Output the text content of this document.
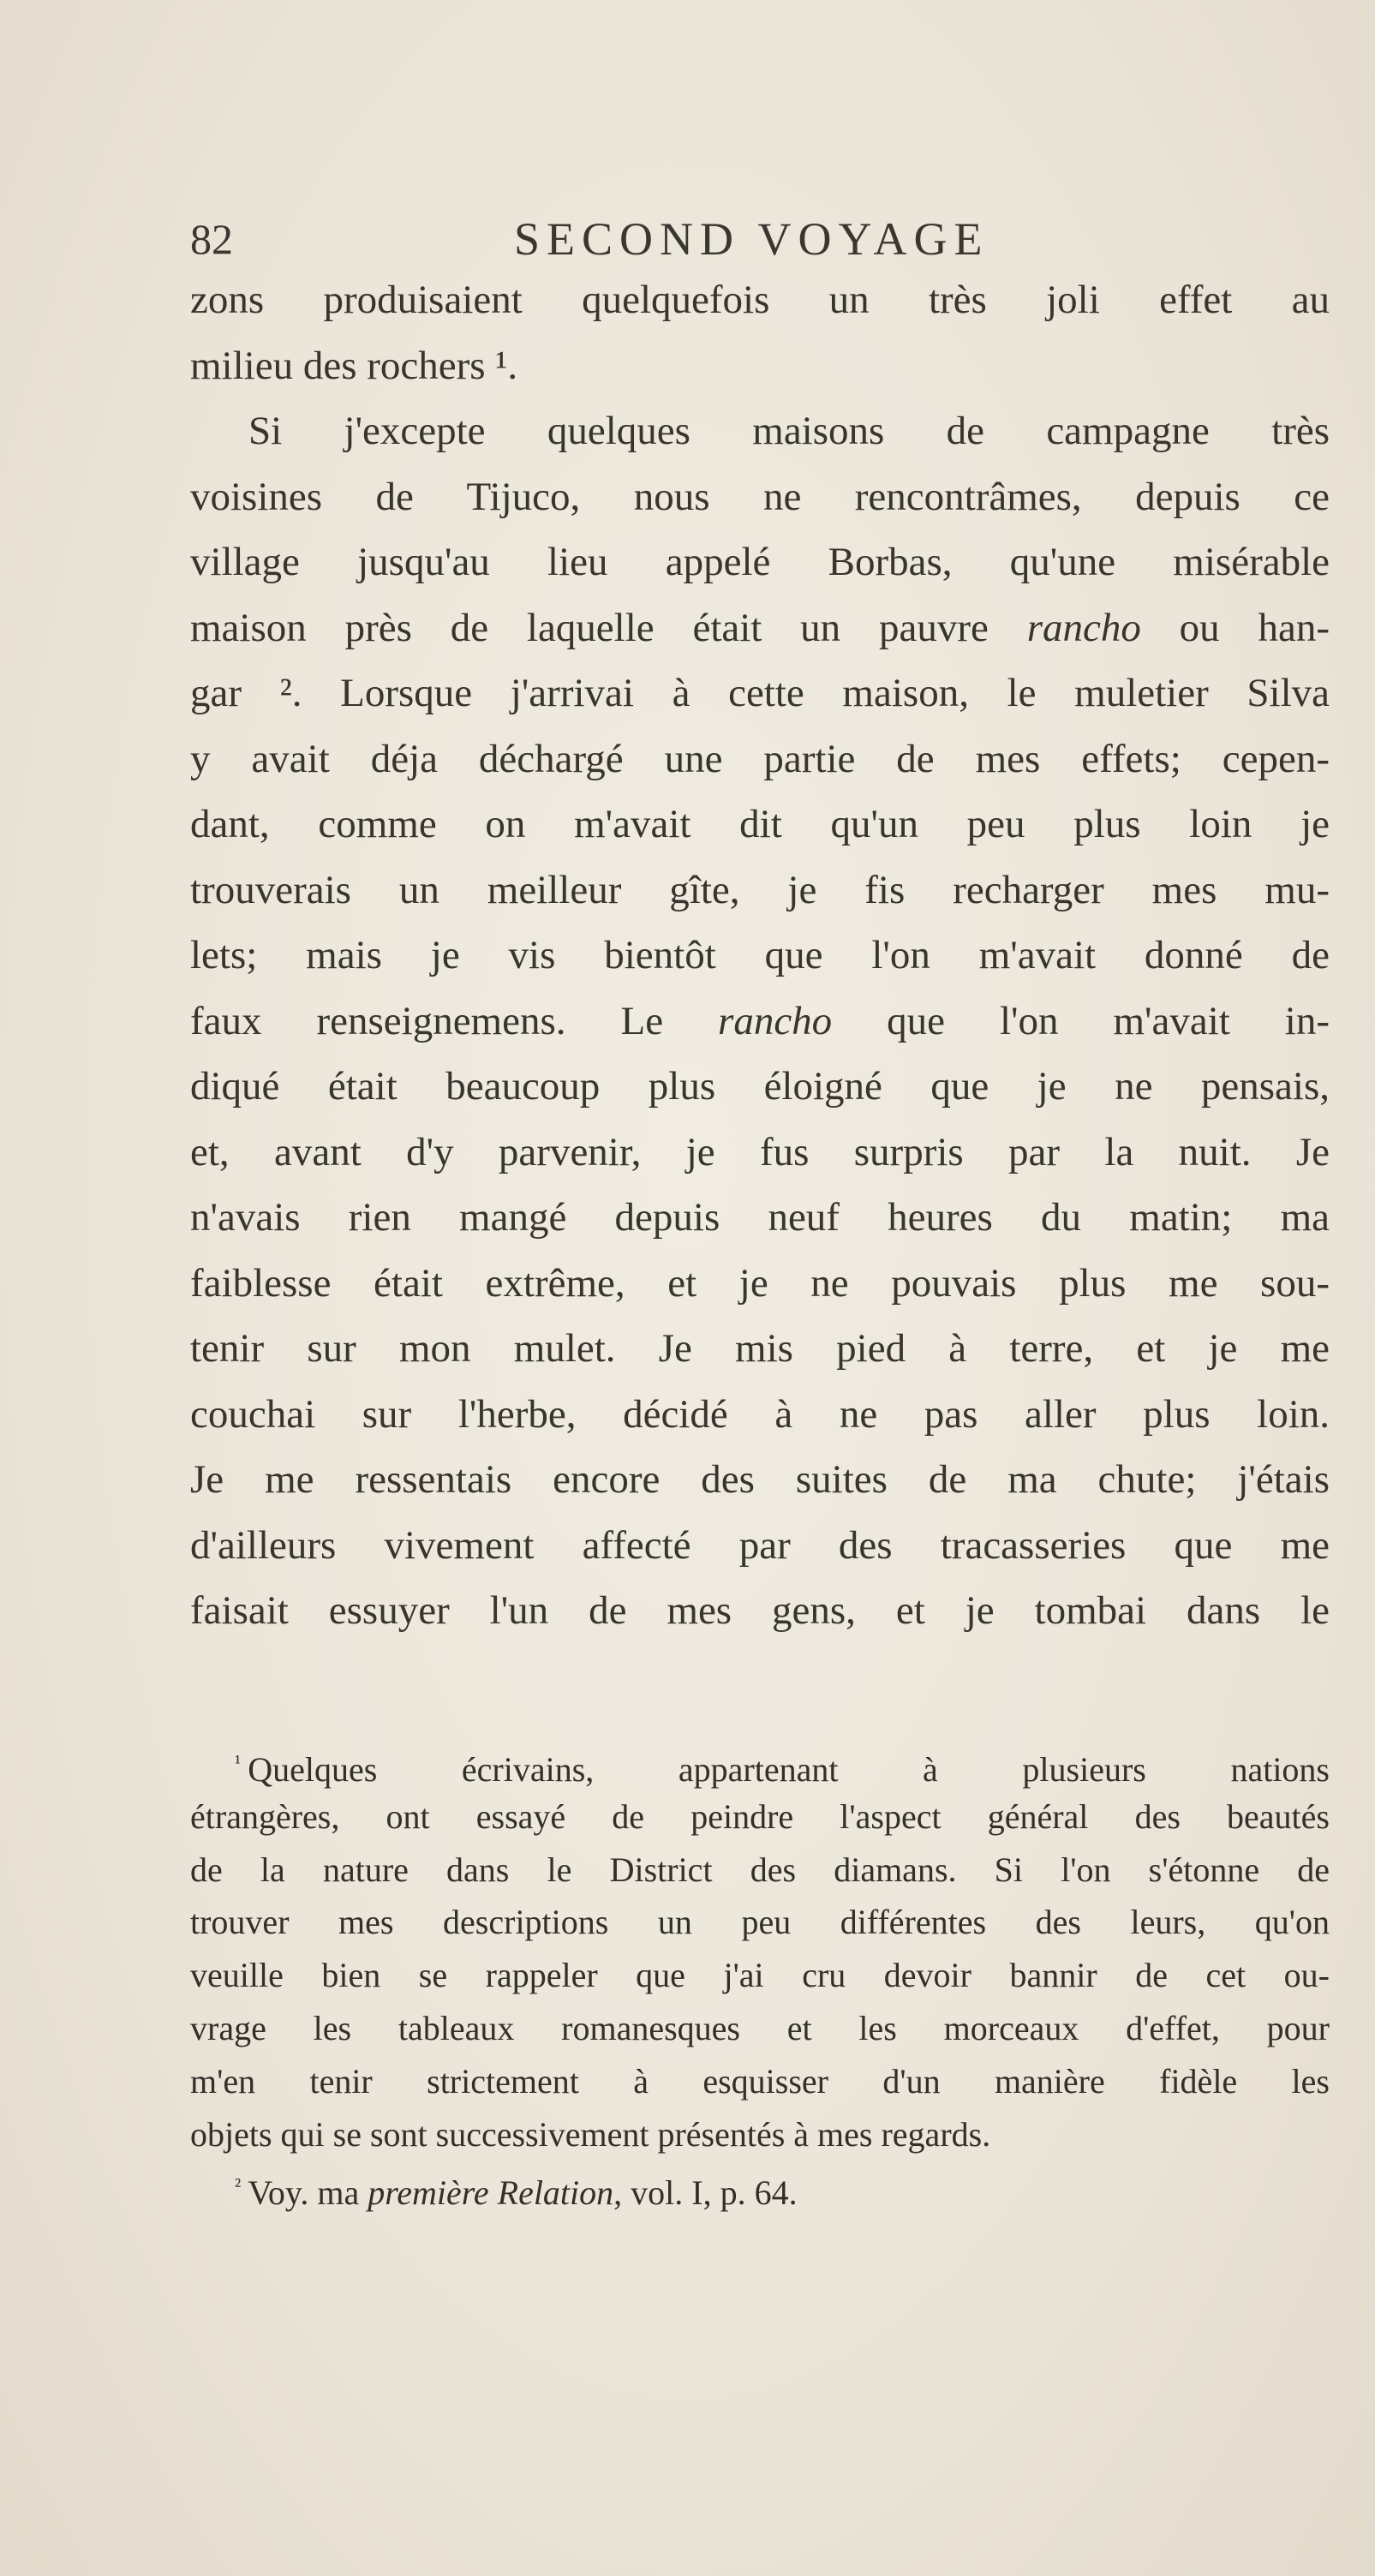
82	SECOND VOYAGE
zons produisaient quelquefois un très joli effet au
milieu des rochers ¹.
Si j'excepte quelques maisons de campagne très
voisines de Tijuco, nous ne rencontrâmes, depuis ce
village jusqu'au lieu appelé Borbas, qu'une misérable
maison près de laquelle était un pauvre rancho ou han-
gar ². Lorsque j'arrivai à cette maison, le muletier Silva
y avait déja déchargé une partie de mes effets; cepen-
dant, comme on m'avait dit qu'un peu plus loin je
trouverais un meilleur gîte, je fis recharger mes mu-
lets; mais je vis bientôt que l'on m'avait donné de
faux renseignemens. Le rancho que l'on m'avait in-
diqué était beaucoup plus éloigné que je ne pensais,
et, avant d'y parvenir, je fus surpris par la nuit. Je
n'avais rien mangé depuis neuf heures du matin; ma
faiblesse était extrême, et je ne pouvais plus me sou-
tenir sur mon mulet. Je mis pied à terre, et je me
couchai sur l'herbe, décidé à ne pas aller plus loin.
Je me ressentais encore des suites de ma chute; j'étais
d'ailleurs vivement affecté par des tracasseries que me
faisait essuyer l'un de mes gens, et je tombai dans le
$^{^1}$ Quelques écrivains, appartenant à plusieurs nations
étrangères, ont essayé de peindre l'aspect général des beautés
de la nature dans le District des diamans. Si l'on s'étonne de
trouver mes descriptions un peu différentes des leurs, qu'on
veuille bien se rappeler que j'ai cru devoir bannir de cet ou-
vrage les tableaux romanesques et les morceaux d'effet, pour
m'en tenir strictement à esquisser d'un manière fidèle les
objets qui se sont successivement présentés à mes regards.
$^{^2}$ Voy. ma première Relation, vol. I, p. 64.
